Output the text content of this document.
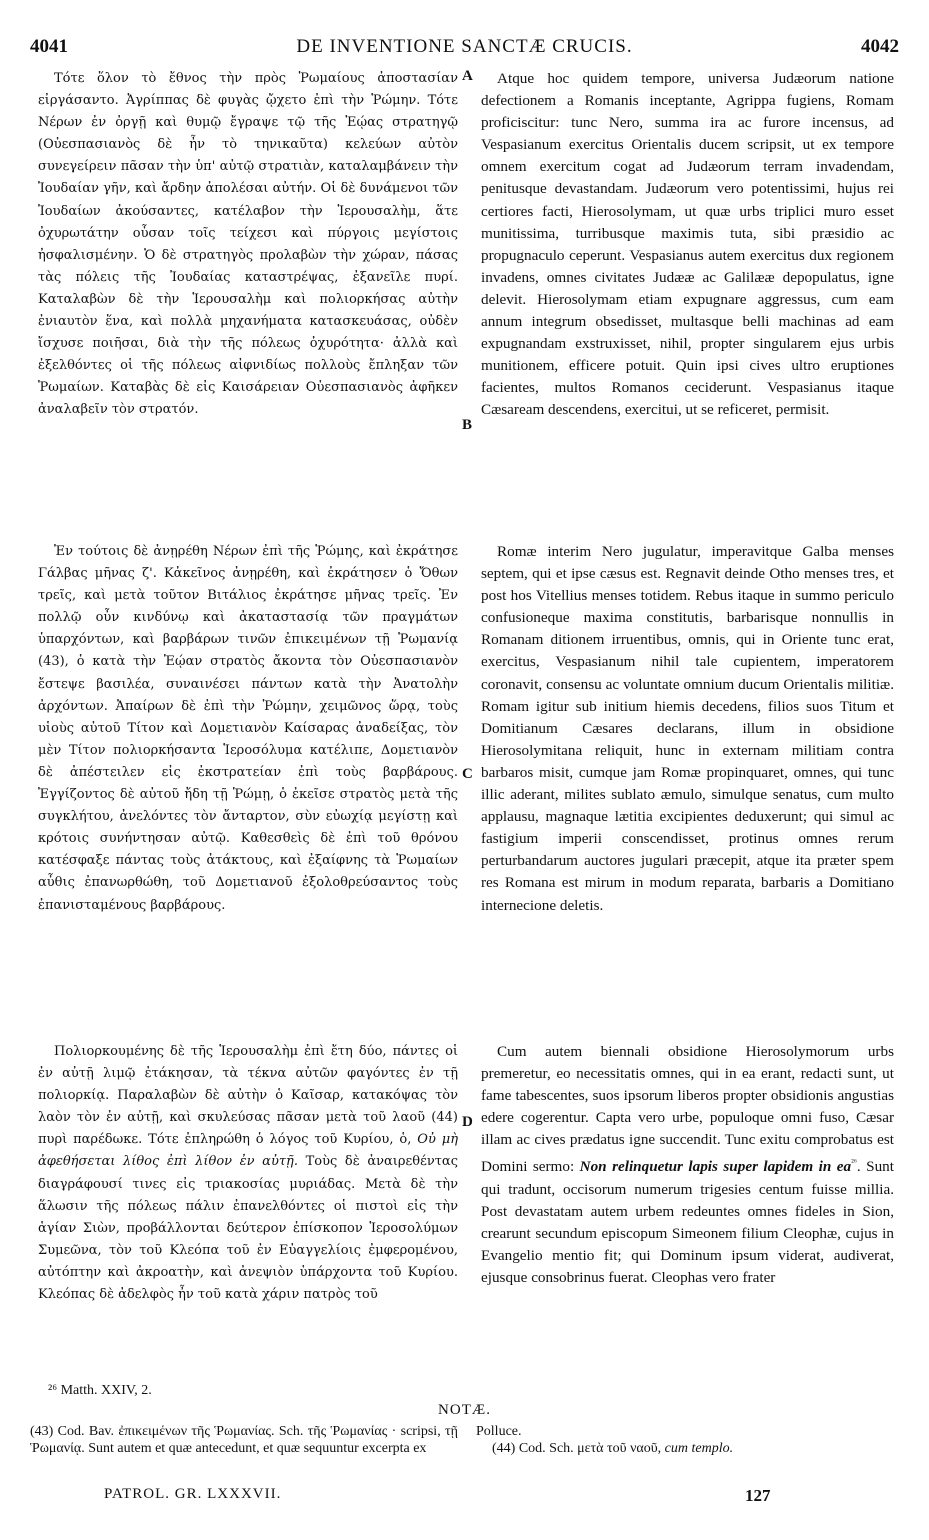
4041	DE INVENTIONE SANCTÆ CRUCIS.	4042
A
B
C
D

Τότε ὅλον τὸ ἔθνος τὴν πρὸς Ῥωμαίους ἀποστασίαν εἰργάσαντο. Ἀγρίππας δὲ φυγὰς ᾤχετο ἐπὶ τὴν Ῥώμην. Τότε Νέρων ἐν ὀργῇ καὶ θυμῷ ἔγραψε τῷ τῆς Ἐῴας στρατηγῷ (Οὐεσπασιανὸς δὲ ἦν τὸ τηνικαῦτα) κελεύων αὐτὸν συνεγείρειν πᾶσαν τὴν ὑπ' αὐτῷ στρατιὰν, καταλαμβάνειν τὴν Ἰουδαίαν γῆν, καὶ ἄρδην ἀπολέσαι αὐτήν. Οἱ δὲ δυνάμενοι τῶν Ἰουδαίων ἀκούσαντες, κατέλαβον τὴν Ἱερουσαλὴμ, ἅτε ὀχυρωτάτην οὖσαν τοῖς τείχεσι καὶ πύργοις μεγίστοις ἠσφαλισμένην. Ὁ δὲ στρατηγὸς προλαβὼν τὴν χώραν, πάσας τὰς πόλεις τῆς Ἰουδαίας καταστρέψας, ἐξανεῖλε πυρί. Καταλαβὼν δὲ τὴν Ἱερουσαλὴμ καὶ πολιορκήσας αὐτὴν ἐνιαυτὸν ἕνα, καὶ πολλὰ μηχανήματα κατασκευάσας, οὐδὲν ἴσχυσε ποιῆσαι, διὰ τὴν τῆς πόλεως ὀχυρότητα· ἀλλὰ καὶ ἐξελθόντες οἱ τῆς πόλεως αἰφνιδίως πολλοὺς ἔπληξαν τῶν Ῥωμαίων. Καταβὰς δὲ εἰς Καισάρειαν Οὐεσπασιανὸς ἀφῆκεν ἀναλαβεῖν τὸν στρατόν.

Ἐν τούτοις δὲ ἀνῃρέθη Νέρων ἐπὶ τῆς Ῥώμης, καὶ ἐκράτησε Γάλβας μῆνας ζ'. Κἀκεῖνος ἀνῃρέθη, καὶ ἐκράτησεν ὁ Ὄθων τρεῖς, καὶ μετὰ τοῦτον Βιτάλιος ἐκράτησε μῆνας τρεῖς. Ἐν πολλῷ οὖν κινδύνῳ καὶ ἀκαταστασίᾳ τῶν πραγμάτων ὑπαρχόντων, καὶ βαρβάρων τινῶν ἐπικειμένων τῇ Ῥωμανίᾳ (43), ὁ κατὰ τὴν Ἐῴαν στρατὸς ἄκοντα τὸν Οὐεσπασιανὸν ἔστεψε βασιλέα, συναινέσει πάντων κατὰ τὴν Ἀνατολὴν ἀρχόντων. Ἀπαίρων δὲ ἐπὶ τὴν Ῥώμην, χειμῶνος ὥρᾳ, τοὺς υἱοὺς αὐτοῦ Τίτον καὶ Δομετιανὸν Καίσαρας ἀναδείξας, τὸν μὲν Τίτον πολιορκήσαντα Ἱεροσόλυμα κατέλιπε, Δομετιανὸν δὲ ἀπέστειλεν εἰς ἐκστρατείαν ἐπὶ τοὺς βαρβάρους. Ἐγγίζοντος δὲ αὐτοῦ ἤδη τῇ Ῥώμῃ, ὁ ἐκεῖσε στρατὸς μετὰ τῆς συγκλήτου, ἀνελόντες τὸν ἄνταρτον, σὺν εὐωχίᾳ μεγίστῃ καὶ κρότοις συνήντησαν αὐτῷ. Καθεσθεὶς δὲ ἐπὶ τοῦ θρόνου κατέσφαξε πάντας τοὺς ἀτάκτους, καὶ ἐξαίφνης τὰ Ῥωμαίων αὖθις ἐπανωρθώθη, τοῦ Δομετιανοῦ ἐξολοθρεύσαντος τοὺς ἐπανισταμένους βαρβάρους.

Πολιορκουμένης δὲ τῆς Ἱερουσαλὴμ ἐπὶ ἔτη δύο, πάντες οἱ ἐν αὐτῇ λιμῷ ἐτάκησαν, τὰ τέκνα αὐτῶν φαγόντες ἐν τῇ πολιορκίᾳ. Παραλαβὼν δὲ αὐτὴν ὁ Καῖσαρ, κατακόψας τὸν λαὸν τὸν ἐν αὐτῇ, καὶ σκυλεύσας πᾶσαν μετὰ τοῦ λαοῦ (44) πυρὶ παρέδωκε. Τότε ἐπληρώθη ὁ λόγος τοῦ Κυρίου, ὁ, Οὐ μὴ ἀφεθήσεται λίθος ἐπὶ λίθον ἐν αὐτῇ. Τοὺς δὲ ἀναιρεθέντας διαγράφουσί τινες εἰς τριακοσίας μυριάδας. Μετὰ δὲ τὴν ἅλωσιν τῆς πόλεως πάλιν ἐπανελθόντες οἱ πιστοὶ εἰς τὴν ἁγίαν Σιὼν, προβάλλονται δεύτερον ἐπίσκοπον Ἱεροσολύμων Συμεῶνα, τὸν τοῦ Κλεόπα τοῦ ἐν Εὐαγγελίοις ἐμφερομένου, αὐτόπτην καὶ ἀκροατὴν, καὶ ἀνεψιὸν ὑπάρχοντα τοῦ Κυρίου. Κλεόπας δὲ ἀδελφὸς ἦν τοῦ κατὰ χάριν πατρὸς τοῦ

²⁶ Matth. XXIV, 2.

Atque hoc quidem tempore, universa Judæorum natione defectionem a Romanis inceptante, Agrippa fugiens, Romam proficiscitur: tunc Nero, summa ira ac furore incensus, ad Vespasianum exercitus Orientalis ducem scripsit, ut ex tempore omnem exercitum cogat ad Judæorum terram invadendam, penitusque devastandam. Judæorum vero potentissimi, hujus rei certiores facti, Hierosolymam, ut quæ urbs triplici muro esset munitissima, turribusque maximis tuta, sibi præsidio ac propugnaculo ceperunt. Vespasianus autem exercitus dux regionem invadens, omnes civitates Judææ ac Galilææ depopulatus, igne delevit. Hierosolymam etiam expugnare aggressus, cum eam annum integrum obsedisset, multasque belli machinas ad eam expugnandam exstruxisset, nihil, propter singularem ejus urbis munitionem, efficere potuit. Quin ipsi cives ultro eruptiones facientes, multos Romanos ceciderunt. Vespasianus itaque Cæsaream descendens, exercitui, ut se reficeret, permisit.

Romæ interim Nero jugulatur, imperavitque Galba menses septem, qui et ipse cæsus est. Regnavit deinde Otho menses tres, et post hos Vitellius menses totidem. Rebus itaque in summo periculo confusioneque maxima constitutis, barbarisque nonnullis in Romanam ditionem irruentibus, omnis, qui in Oriente tunc erat, exercitus, Vespasianum nihil tale cupientem, imperatorem coronavit, consensu ac voluntate omnium ducum Orientalis militiæ. Romam igitur sub initium hiemis decedens, filios suos Titum et Domitianum Cæsares declarans, illum in obsidione Hierosolymitana reliquit, hunc in externam militiam contra barbaros misit, cumque jam Romæ propinquaret, omnes, qui tunc illic aderant, milites sublato æmulo, simulque senatus, cum multo applausu, magnaque lætitia excipientes deduxerunt; qui simul ac fastigium imperii conscendisset, protinus omnes rerum perturbandarum auctores jugulari præcepit, atque ita præter spem res Romana est mirum in modum reparata, barbaris a Domitiano internecione deletis.

Cum autem biennali obsidione Hierosolymorum urbs premeretur, eo necessitatis omnes, qui in ea erant, redacti sunt, ut fame tabescentes, suos ipsorum liberos propter obsidionis angustias edere cogerentur. Capta vero urbe, populoque omni fuso, Cæsar illam ac cives prædatus igne succendit. Tunc exitu comprobatus est Domini sermo: Non relinquetur lapis super lapidem in $ea^{^{26}}$. Sunt qui tradunt, occisorum numerum trigesies centum fuisse millia. Post devastatam autem urbem redeuntes omnes fideles in Sion, crearunt secundum episcopum Simeonem filium Cleophæ, cujus in Evangelio mentio fit; qui Dominum ipsum viderat, audiverat, ejusque consobrinus fuerat. Cleophas vero frater

NOTÆ.
(43) Cod. Bav. ἐπικειμένων τῆς Ῥωμανίας. Sch. τῆς Ῥωμανίας · scripsi, τῇ Ῥωμανίᾳ. Sunt autem et quæ antecedunt, et quæ sequuntur excerpta ex
Polluce.
(44) Cod. Sch. μετὰ τοῦ ναοῦ, cum templo.
PATROL. GR. LXXXVII.	127
